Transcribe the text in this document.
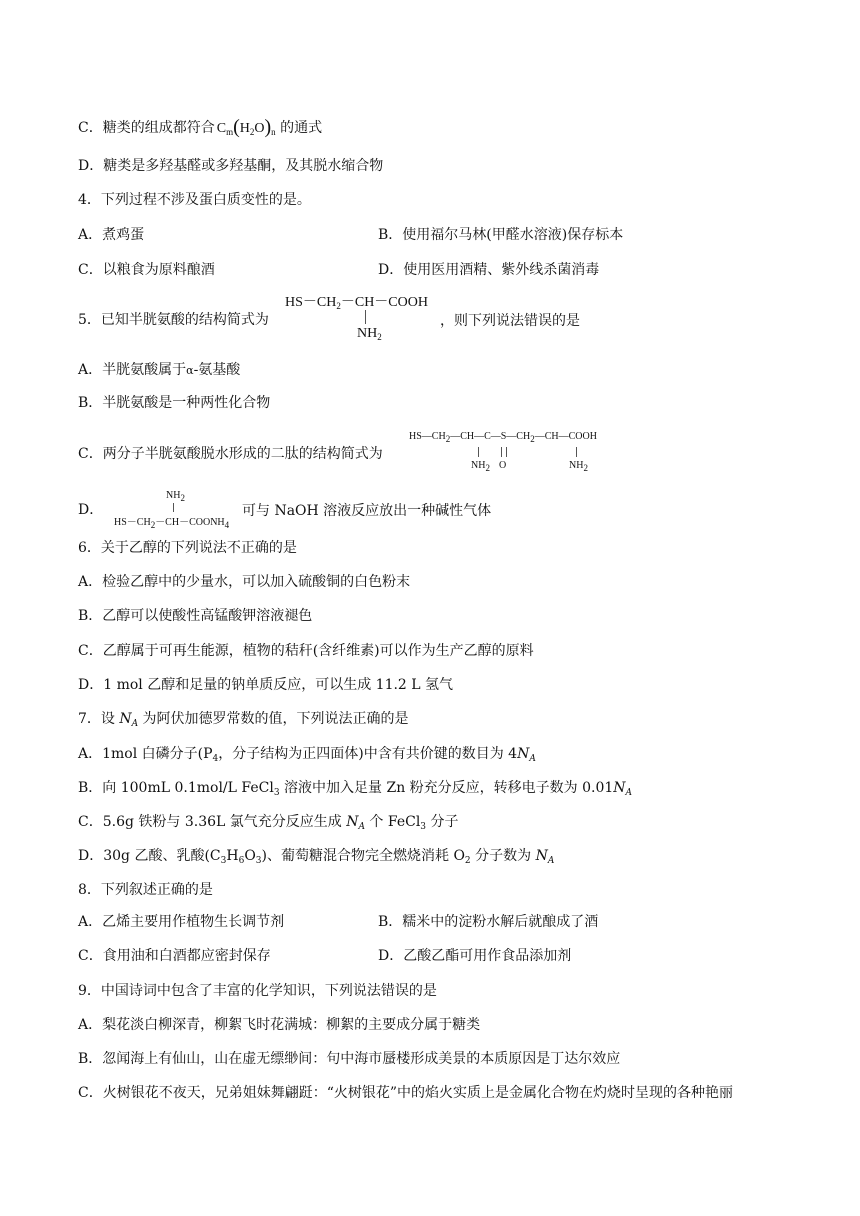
C．糖类的组成都符合 $C_m(H_2O)_n$ 的通式
D．糖类是多羟基醛或多羟基酮，及其脱水缩合物
4．下列过程不涉及蛋白质变性的是。
A．煮鸡蛋	B．使用福尔马林(甲醛水溶液)保存标本
C．以粮食为原料酿酒	D．使用医用酒精、紫外线杀菌消毒
5．已知半胱氨酸的结构简式为
$HS-CH_2-CH-COOH$
$NH_2$
，则下列说法错误的是
A．半胱氨酸属于α-氨基酸
B．半胱氨酸是一种两性化合物
C．两分子半胱氨酸脱水形成的二肽的结构简式为
$HS—CH_2—CH—C—S—CH_2—CH—COOH$
$NH_2$ O	$NH_2$
D．
$NH_2$
$HS-CH_2-CH-COONH_4$
可与 NaOH 溶液反应放出一种碱性气体
6．关于乙醇的下列说法不正确的是
A．检验乙醇中的少量水，可以加入硫酸铜的白色粉末
B．乙醇可以使酸性高锰酸钾溶液褪色
C．乙醇属于可再生能源，植物的秸秆(含纤维素)可以作为生产乙醇的原料
D．1 mol 乙醇和足量的钠单质反应，可以生成 11.2 L 氢气
7．设 $N_A$ 为阿伏加德罗常数的值，下列说法正确的是
A．1mol 白磷分子($P_4$，分子结构为正四面体)中含有共价键的数目为 $4N_A$
B．向 100mL 0.1mol/L FeCl$_3$ 溶液中加入足量 Zn 粉充分反应，转移电子数为 $0.01N_A$
C．5.6g 铁粉与 3.36L 氯气充分反应生成 $N_A$ 个 FeCl$_3$ 分子
D．30g 乙酸、乳酸$(C_3H_6O_3)$、葡萄糖混合物完全燃烧消耗 $O_2$ 分子数为 $N_A$
8．下列叙述正确的是
A．乙烯主要用作植物生长调节剂	B．糯米中的淀粉水解后就酿成了酒
C．食用油和白酒都应密封保存	D．乙酸乙酯可用作食品添加剂
9．中国诗词中包含了丰富的化学知识，下列说法错误的是
A．梨花淡白柳深青，柳絮飞时花满城：柳絮的主要成分属于糖类
B．忽闻海上有仙山，山在虚无缥缈间：句中海市蜃楼形成美景的本质原因是丁达尔效应
C．火树银花不夜天，兄弟姐妹舞翩跹：“火树银花”中的焰火实质上是金属化合物在灼烧时呈现的各种艳丽
